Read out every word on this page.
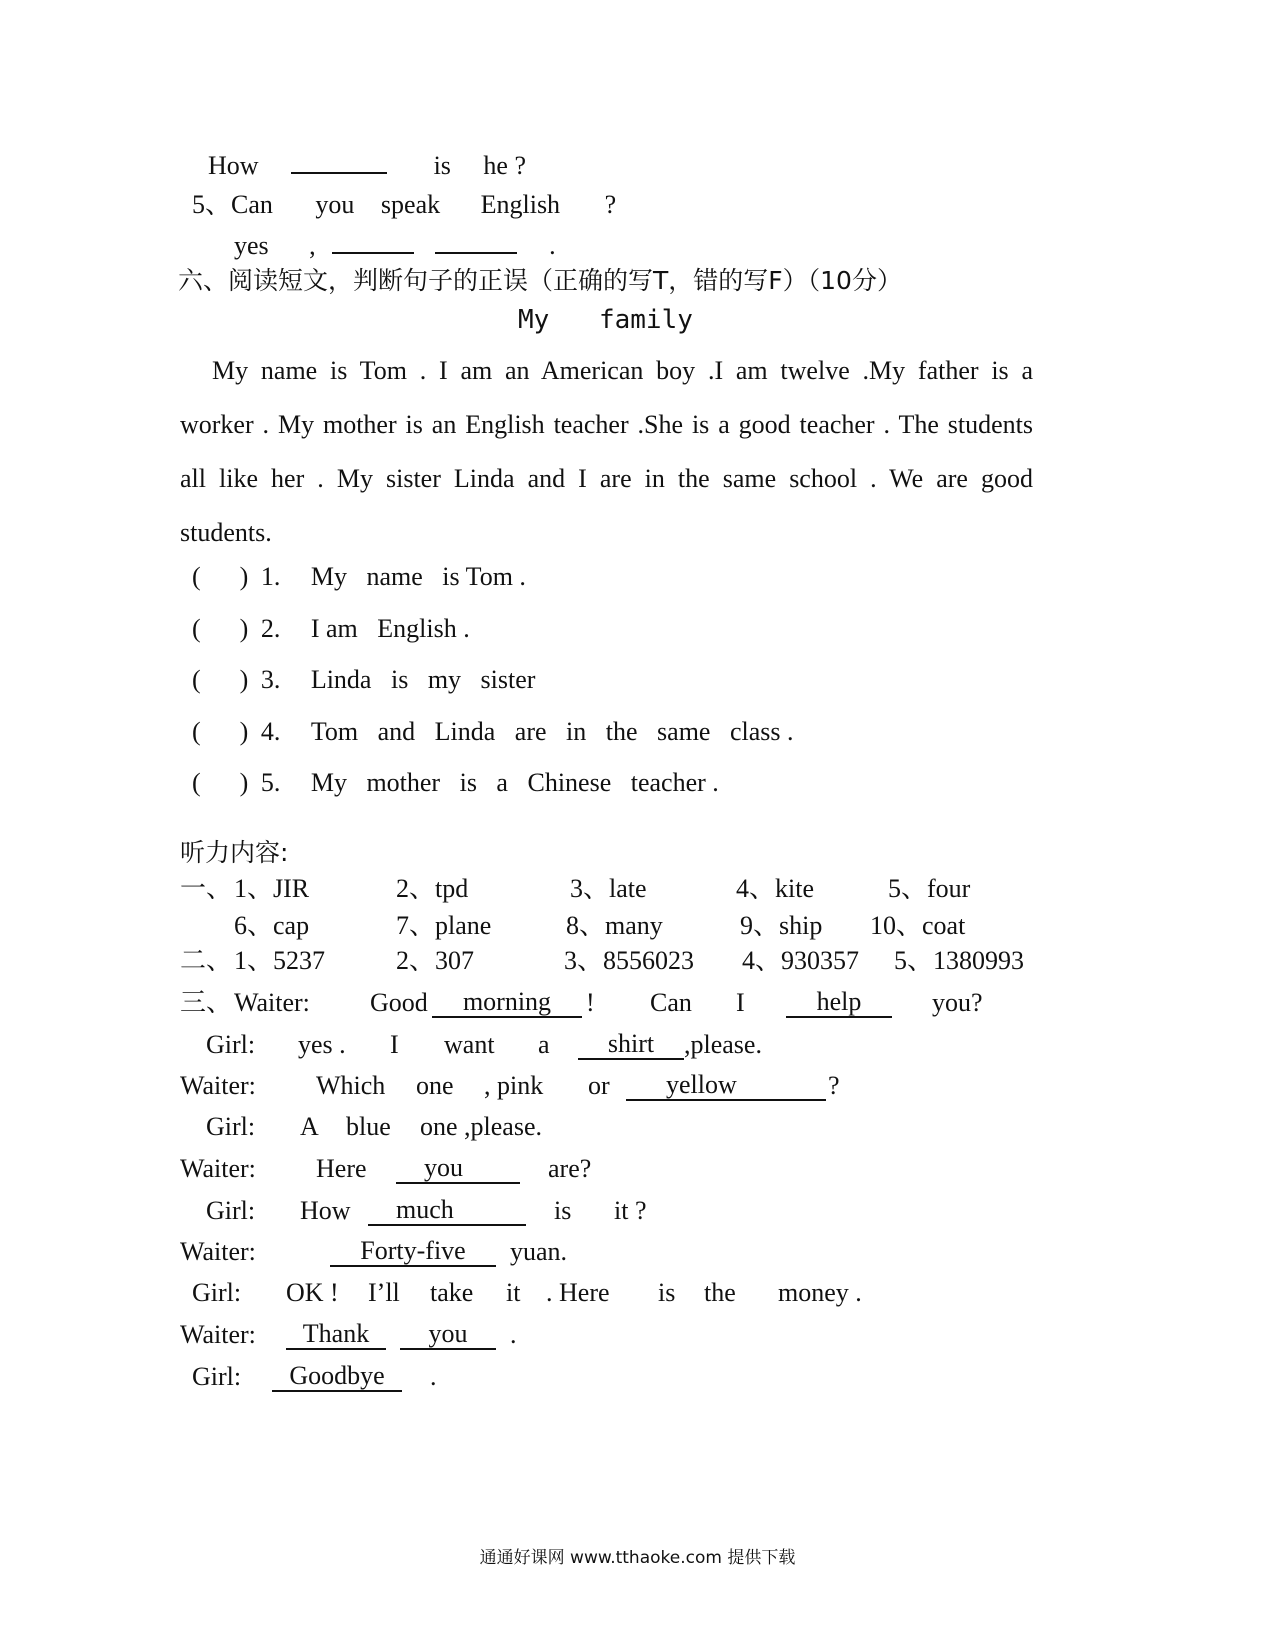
How	is he ?
5、Can you speak English ?
yes ,	.
六、阅读短文，判断句子的正误（正确的写T，错的写F）（10分）
My family
My name is Tom . I am an American boy .I am twelve .My father is a worker . My mother is an English teacher .She is a good teacher . The students all like her . My sister Linda and I are in the same school . We are good students.
(      ) 1. My   name   is Tom .
(      ) 2. I am   English .
(      ) 3. Linda   is   my   sister
(      ) 4. Tom   and   Linda   are   in   the   same   class .
(      ) 5. My   mother   is   a   Chinese   teacher .
听力内容:
一、 1、JIR	2、tpd	3、late	4、kite	5、four
6、cap	7、plane	8、many	9、ship 10、coat
二、 1、5237	2、307	3、8556023 4、930357 5、1380993
三、 Waiter: Good	morning	! Can I	help	you?
Girl: yes . I want a	shirt	,please.
Waiter: Which one , pink or	yellow	?
Girl: A blue one ,please.
Waiter: Here	you	are?
Girl: How	much	is it ?
Waiter:	Forty-five	yuan.
Girl: OK ! I’ll take it . Here is the money .
Waiter:	Thank	you	.
Girl:	Goodbye	.
通通好课网 www.tthaoke.com 提供下载
